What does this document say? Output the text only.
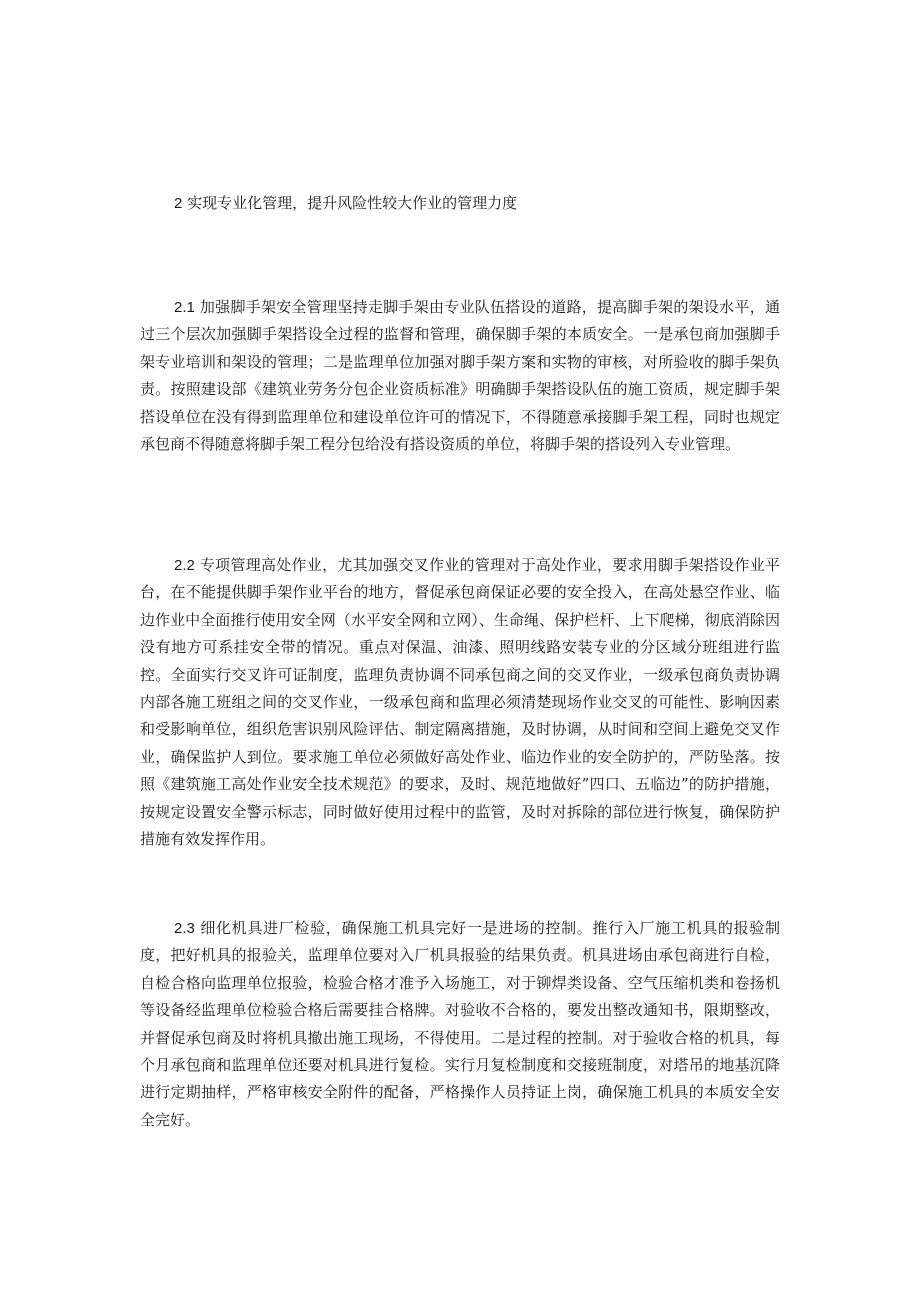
2 实现专业化管理，提升风险性较大作业的管理力度

2.1 加强脚手架安全管理坚持走脚手架由专业队伍搭设的道路，提高脚手架的架设水平，通过三个层次加强脚手架搭设全过程的监督和管理，确保脚手架的本质安全。一是承包商加强脚手架专业培训和架设的管理；二是监理单位加强对脚手架方案和实物的审核，对所验收的脚手架负责。按照建设部《建筑业劳务分包企业资质标准》明确脚手架搭设队伍的施工资质，规定脚手架搭设单位在没有得到监理单位和建设单位许可的情况下，不得随意承接脚手架工程，同时也规定承包商不得随意将脚手架工程分包给没有搭设资质的单位，将脚手架的搭设列入专业管理。

2.2 专项管理高处作业，尤其加强交叉作业的管理对于高处作业，要求用脚手架搭设作业平台，在不能提供脚手架作业平台的地方，督促承包商保证必要的安全投入，在高处悬空作业、临边作业中全面推行使用安全网（水平安全网和立网）、生命绳、保护栏杆、上下爬梯，彻底消除因没有地方可系挂安全带的情况。重点对保温、油漆、照明线路安装专业的分区域分班组进行监控。全面实行交叉许可证制度，监理负责协调不同承包商之间的交叉作业，一级承包商负责协调内部各施工班组之间的交叉作业，一级承包商和监理必须清楚现场作业交叉的可能性、影响因素和受影响单位，组织危害识别风险评估、制定隔离措施，及时协调，从时间和空间上避免交叉作业，确保监护人到位。要求施工单位必须做好高处作业、临边作业的安全防护的，严防坠落。按照《建筑施工高处作业安全技术规范》的要求，及时、规范地做好”四口、五临边”的防护措施，按规定设置安全警示标志，同时做好使用过程中的监管，及时对拆除的部位进行恢复，确保防护措施有效发挥作用。

2.3 细化机具进厂检验，确保施工机具完好一是进场的控制。推行入厂施工机具的报验制度，把好机具的报验关，监理单位要对入厂机具报验的结果负责。机具进场由承包商进行自检，自检合格向监理单位报验，检验合格才准予入场施工，对于铆焊类设备、空气压缩机类和卷扬机等设备经监理单位检验合格后需要挂合格牌。对验收不合格的，要发出整改通知书，限期整改，并督促承包商及时将机具撤出施工现场，不得使用。二是过程的控制。对于验收合格的机具，每个月承包商和监理单位还要对机具进行复检。实行月复检制度和交接班制度，对塔吊的地基沉降进行定期抽样，严格审核安全附件的配备，严格操作人员持证上岗，确保施工机具的本质安全安全完好。
